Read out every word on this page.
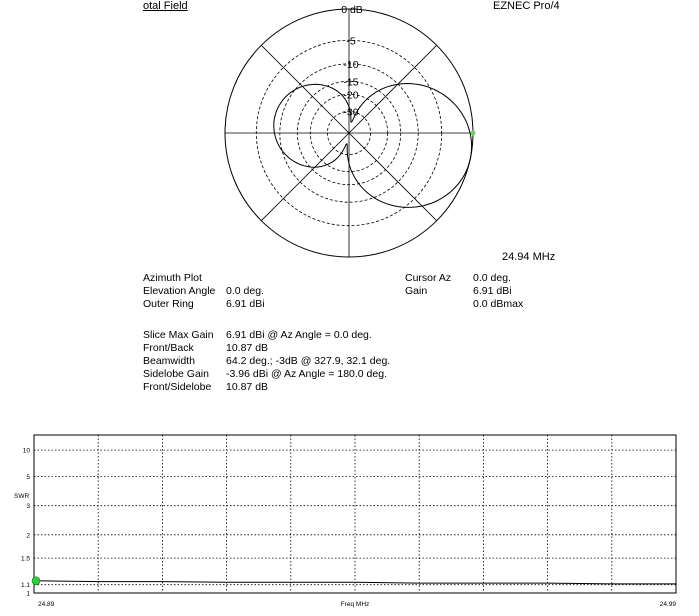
otal Field	EZNEC Pro/4
24.94 MHz
0 dB
-5
-10
-15
-20
-30
Azimuth Plot
Elevation Angle 0.0 deg.
Outer Ring	6.91 dBi
Cursor Az 0.0 deg.
Gain	6.91 dBi
0.0 dBmax
Slice Max Gain 6.91 dBi @ Az Angle = 0.0 deg.
Front/Back	10.87 dB
Beamwidth	64.2 deg.; -3dB @ 327.9, 32.1 deg.
Sidelobe Gain -3.96 dBi @ Az Angle = 180.0 deg.
Front/Sidelobe 10.87 dB
1
1.1
1.5
2
3
5
10
24.89	Freq MHz	24.99
SWR
